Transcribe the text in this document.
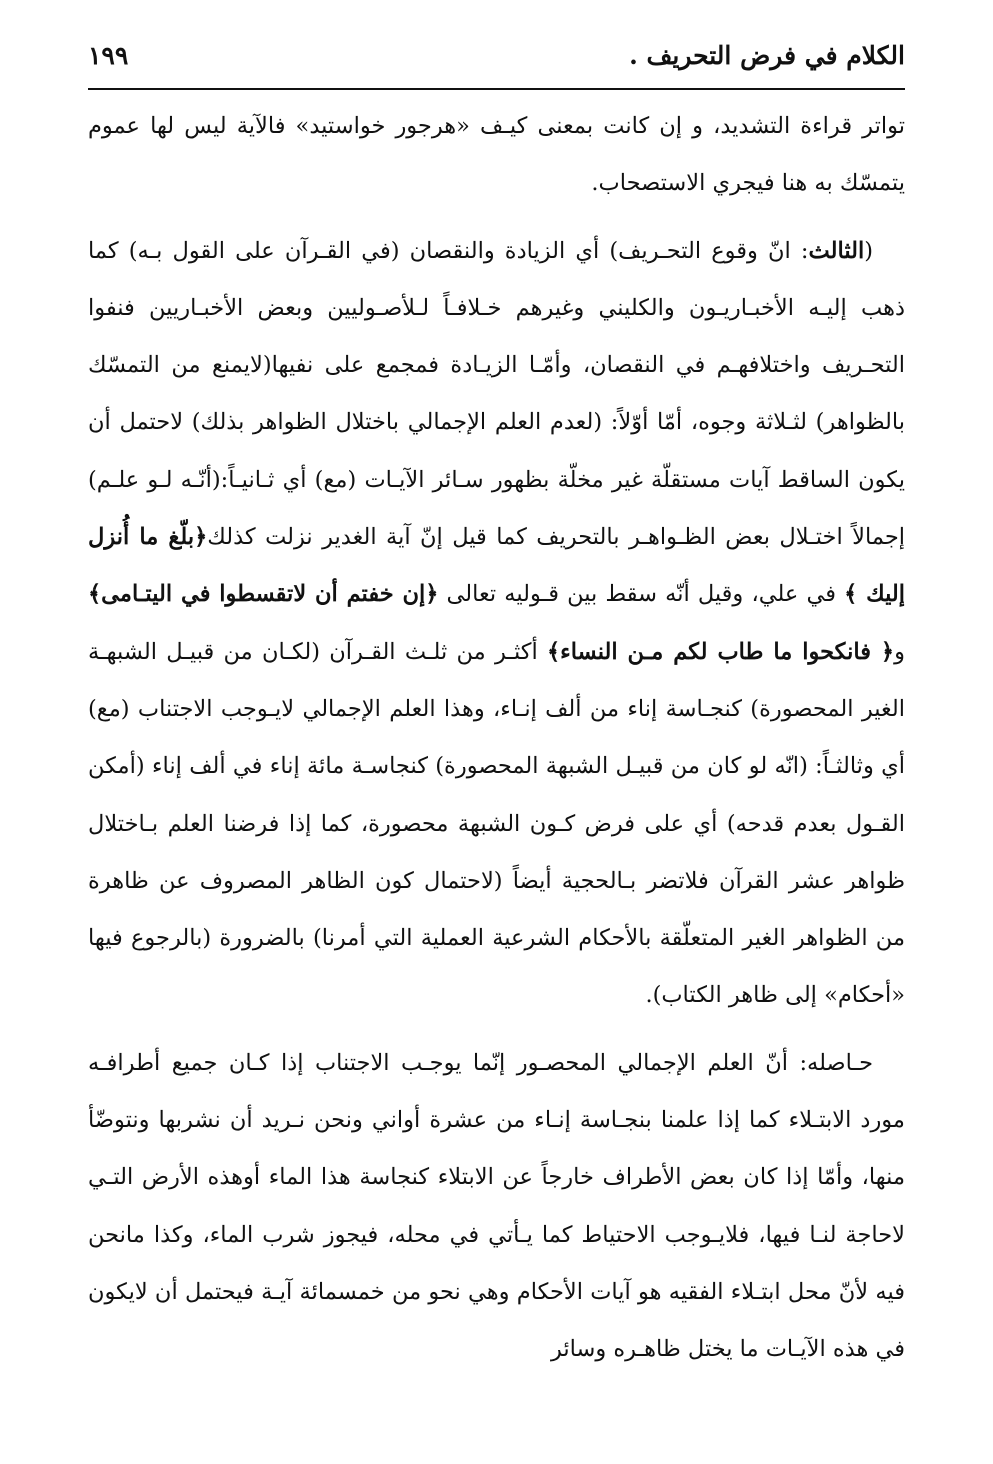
الكلام في فرض التحريف .
١٩٩

تواتر قراءة التشديد، و إن كانت بمعنى كيـف «هرجور خواستيد» فالآية ليس لها عموم يتمسّك به هنا فيجري الاستصحاب.

(الثالث: انّ وقوع التحـريف) أي الزيادة والنقصان (في القـرآن على القول بـه) كما ذهب إليـه الأخبـاريـون والكليني وغيرهم خـلافـاً لـلأصـوليين وبعض الأخبـاريين فنفوا التحـريف واختلافهـم في النقصان، وأمّـا الزيـادة فمجمع على نفيها(لايمنع من التمسّك بالظواهر) لثـلاثة وجوه، أمّا أوّلاً: (لعدم العلم الإجمالي باختلال الظواهر بذلك) لاحتمل أن يكون الساقط آيات مستقلّة غير مخلّة بظهور سـائر الآيـات (مع) أي ثـانيـاً:(أنّـه لـو علـم) إجمالاً اختـلال بعض الظـواهـر بالتحريف كما قيل إنّ آية الغدير نزلت كذلك﴿بلّغ ما أُنزل إليك ﴾ في علي، وقيل أنّه سقط بين قـوليه تعالى ﴿إن خفتم أن لاتقسطوا في اليتـامى﴾ و﴿ فانكحوا ما طاب لكم مـن النساء﴾ أكثـر من ثلـث القـرآن (لكـان من قبيـل الشبهـة الغير المحصورة) كنجـاسة إناء من ألف إنـاء، وهذا العلم الإجمالي لايـوجب الاجتناب (مع) أي وثالثـاً: (انّه لو كان من قبيـل الشبهة المحصورة) كنجاسـة مائة إناء في ألف إناء (أمكن القـول بعدم قدحه) أي على فرض كـون الشبهة محصورة، كما إذا فرضنا العلم بـاختلال ظواهر عشر القرآن فلاتضر بـالحجية أيضاً (لاحتمال كون الظاهر المصروف عن ظاهرة من الظواهر الغير المتعلّقة بالأحكام الشرعية العملية التي أمرنا) بالضرورة (بالرجوع فيها «أحكام» إلى ظاهر الكتاب).

حـاصله: أنّ العلم الإجمالي المحصـور إنّما يوجـب الاجتناب إذا كـان جميع أطرافـه مورد الابتـلاء كما إذا علمنا بنجـاسة إنـاء من عشرة أواني ونحن نـريد أن نشربها ونتوضّأ منها، وأمّا إذا كان بعض الأطراف خارجاً عن الابتلاء كنجاسة هذا الماء أوهذه الأرض التـي لاحاجة لنـا فيها، فلايـوجب الاحتياط كما يـأتي في محله، فيجوز شرب الماء، وكذا مانحن فيه لأنّ محل ابتـلاء الفقيه هو آيات الأحكام وهي نحو من خمسمائة آيـة فيحتمل أن لايكون في هذه الآيـات ما يختل ظاهـره وسائر
